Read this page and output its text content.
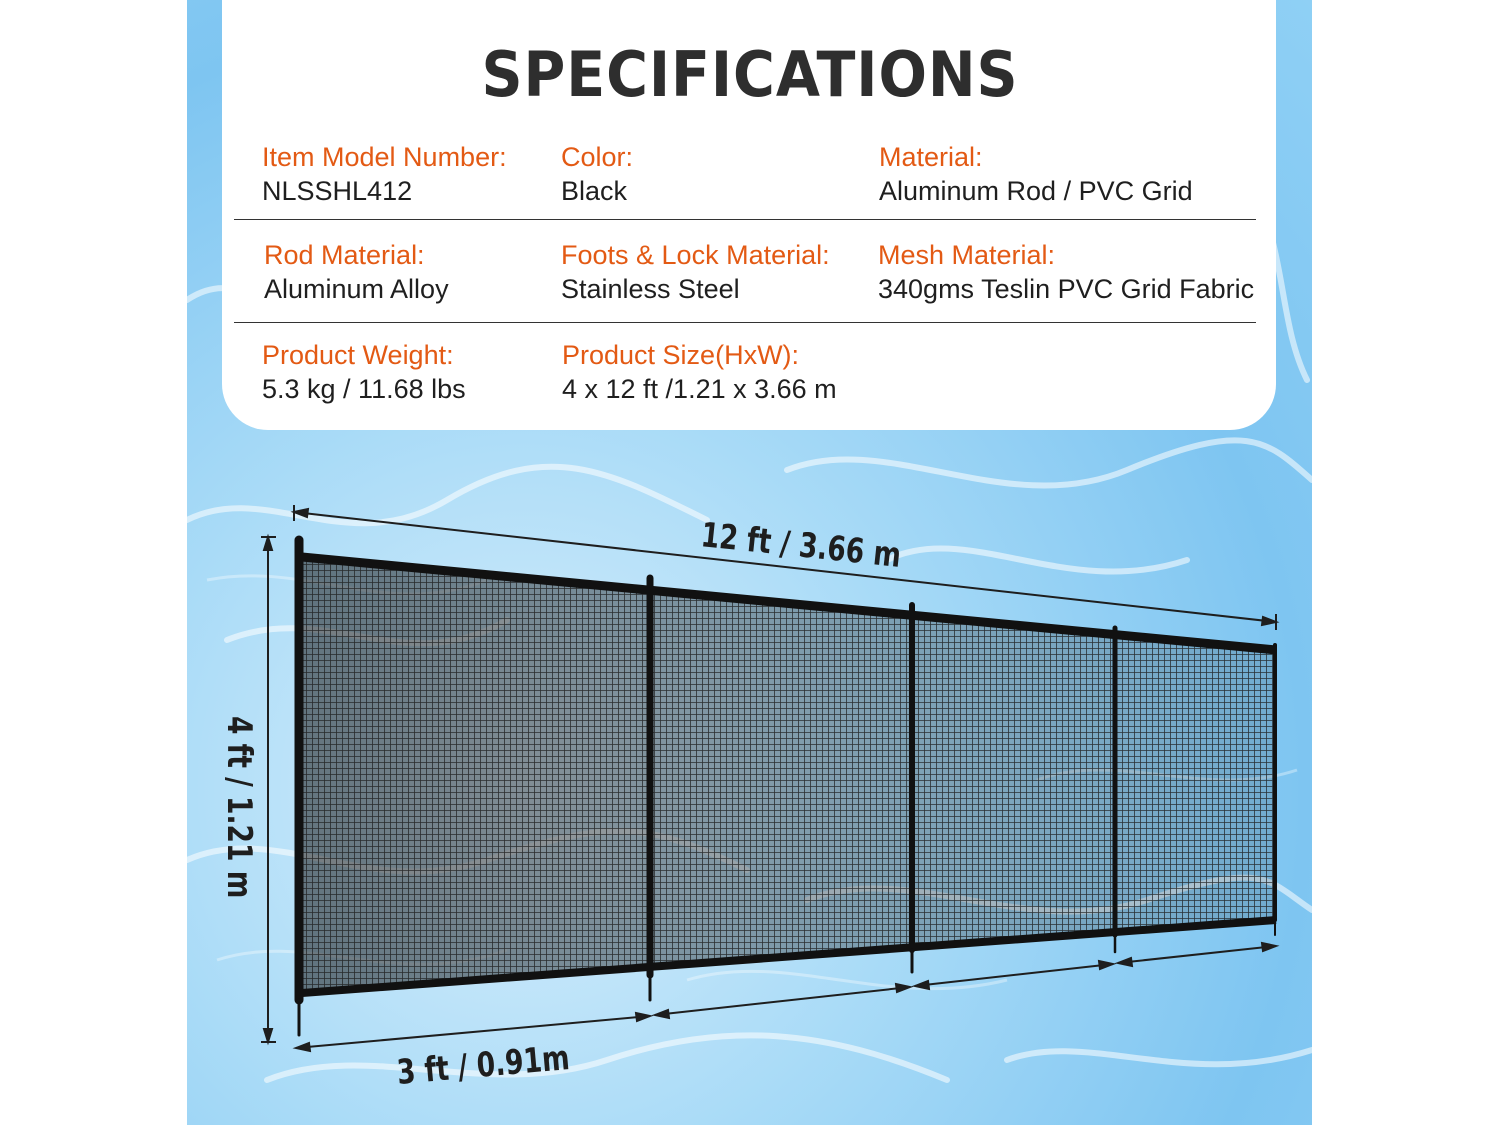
SPECIFICATIONS
Item Model Number:
NLSSHL412
Color:
Black
Material:
Aluminum Rod / PVC Grid
Rod Material:
Aluminum Alloy
Foots & Lock Material:
Stainless Steel
Mesh Material:
340gms Teslin PVC Grid Fabric
Product Weight:
5.3 kg / 11.68 lbs
Product Size(HxW):
4 x 12 ft /1.21 x 3.66 m
12 ft / 3.66 m
4 ft / 1.21 m
3 ft / 0.91m
